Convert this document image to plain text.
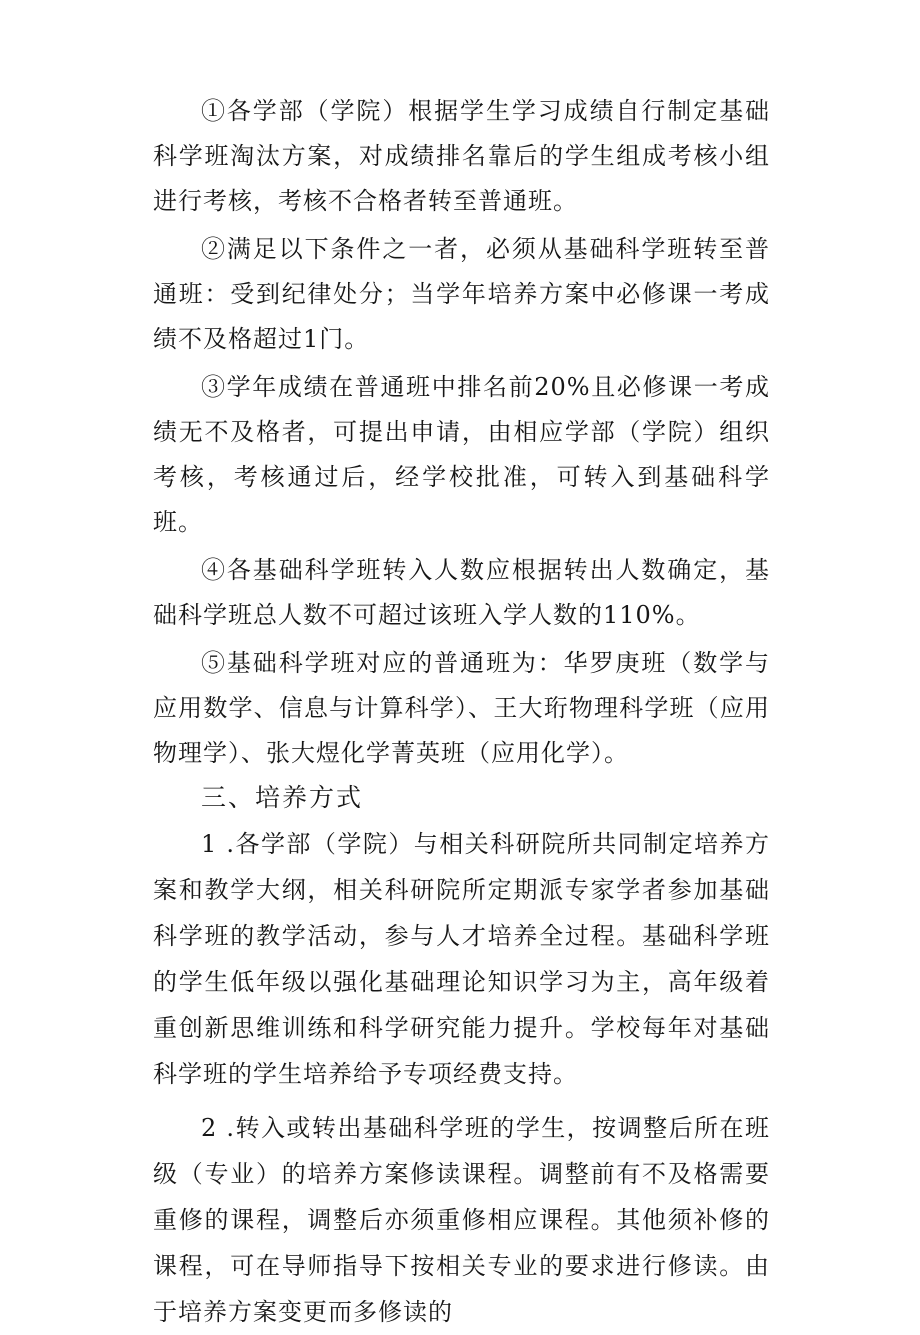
①各学部（学院）根据学生学习成绩自行制定基础科学班淘汰方案，对成绩排名靠后的学生组成考核小组进行考核，考核不合格者转至普通班。

②满足以下条件之一者，必须从基础科学班转至普通班：受到纪律处分；当学年培养方案中必修课一考成绩不及格超过1门。

③学年成绩在普通班中排名前20%且必修课一考成绩无不及格者，可提出申请，由相应学部（学院）组织考核，考核通过后，经学校批准，可转入到基础科学班。

④各基础科学班转入人数应根据转出人数确定，基础科学班总人数不可超过该班入学人数的110%。

⑤基础科学班对应的普通班为：华罗庚班（数学与应用数学、信息与计算科学）、王大珩物理科学班（应用物理学）、张大煜化学菁英班（应用化学）。

三、培养方式

1 .各学部（学院）与相关科研院所共同制定培养方案和教学大纲，相关科研院所定期派专家学者参加基础科学班的教学活动，参与人才培养全过程。基础科学班的学生低年级以强化基础理论知识学习为主，高年级着重创新思维训练和科学研究能力提升。学校每年对基础科学班的学生培养给予专项经费支持。

2 .转入或转出基础科学班的学生，按调整后所在班级（专业）的培养方案修读课程。调整前有不及格需要重修的课程，调整后亦须重修相应课程。其他须补修的课程，可在导师指导下按相关专业的要求进行修读。由于培养方案变更而多修读的
